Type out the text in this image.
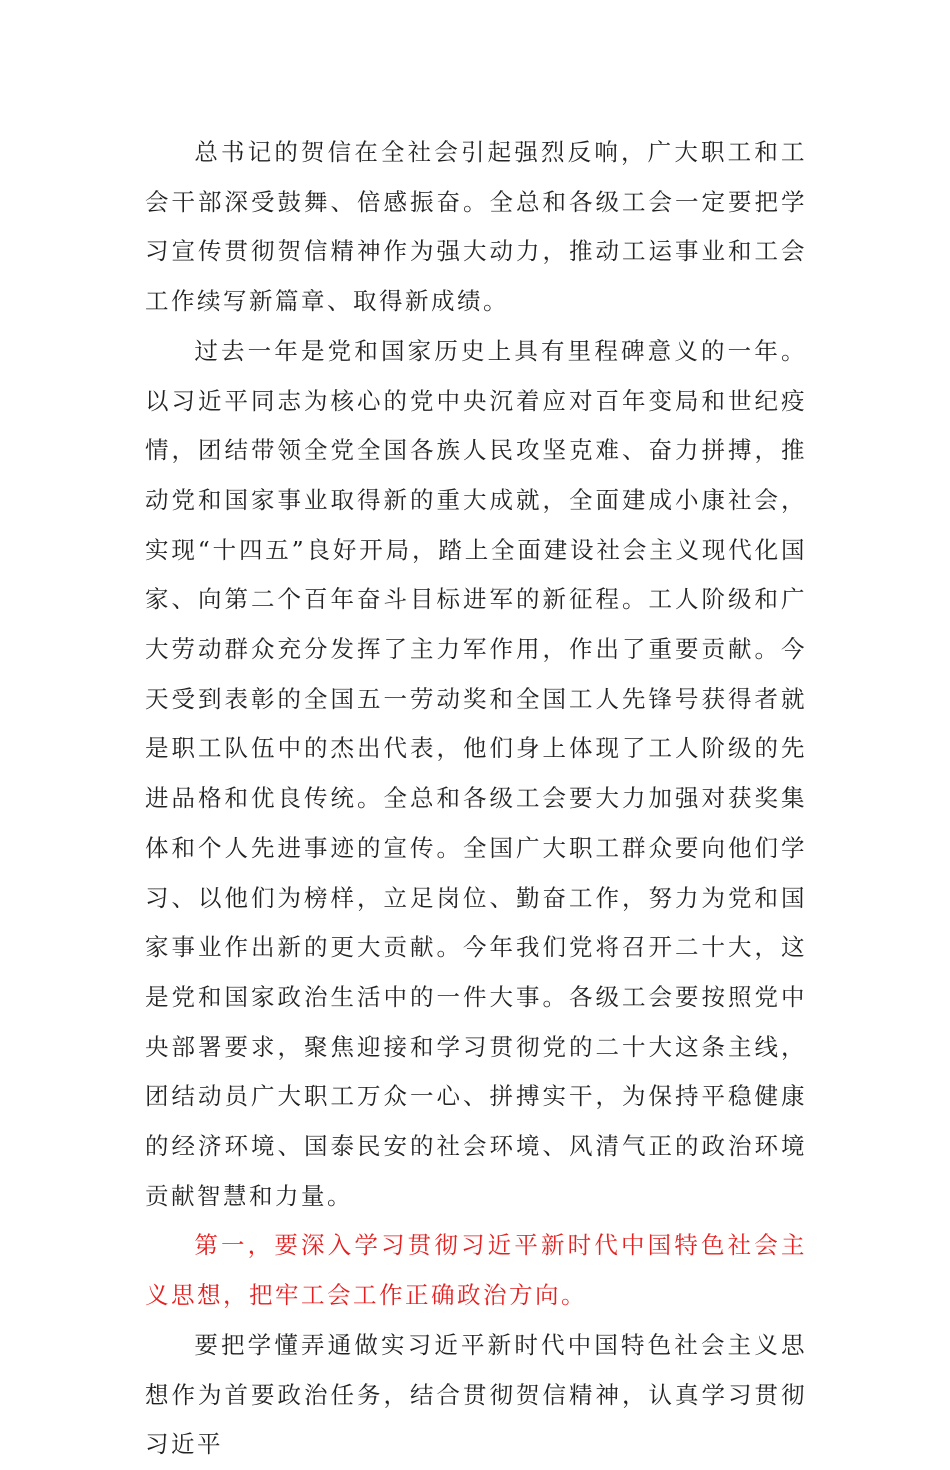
总书记的贺信在全社会引起强烈反响，广大职工和工会干部深受鼓舞、倍感振奋。全总和各级工会一定要把学习宣传贯彻贺信精神作为强大动力，推动工运事业和工会工作续写新篇章、取得新成绩。

过去一年是党和国家历史上具有里程碑意义的一年。以习近平同志为核心的党中央沉着应对百年变局和世纪疫情，团结带领全党全国各族人民攻坚克难、奋力拼搏，推动党和国家事业取得新的重大成就，全面建成小康社会，实现“十四五”良好开局，踏上全面建设社会主义现代化国家、向第二个百年奋斗目标进军的新征程。工人阶级和广大劳动群众充分发挥了主力军作用，作出了重要贡献。今天受到表彰的全国五一劳动奖和全国工人先锋号获得者就是职工队伍中的杰出代表，他们身上体现了工人阶级的先进品格和优良传统。全总和各级工会要大力加强对获奖集体和个人先进事迹的宣传。全国广大职工群众要向他们学习、以他们为榜样，立足岗位、勤奋工作，努力为党和国家事业作出新的更大贡献。今年我们党将召开二十大，这是党和国家政治生活中的一件大事。各级工会要按照党中央部署要求，聚焦迎接和学习贯彻党的二十大这条主线，团结动员广大职工万众一心、拼搏实干，为保持平稳健康的经济环境、国泰民安的社会环境、风清气正的政治环境贡献智慧和力量。

第一，要深入学习贯彻习近平新时代中国特色社会主义思想，把牢工会工作正确政治方向。

要把学懂弄通做实习近平新时代中国特色社会主义思想作为首要政治任务，结合贯彻贺信精神，认真学习贯彻习近平
